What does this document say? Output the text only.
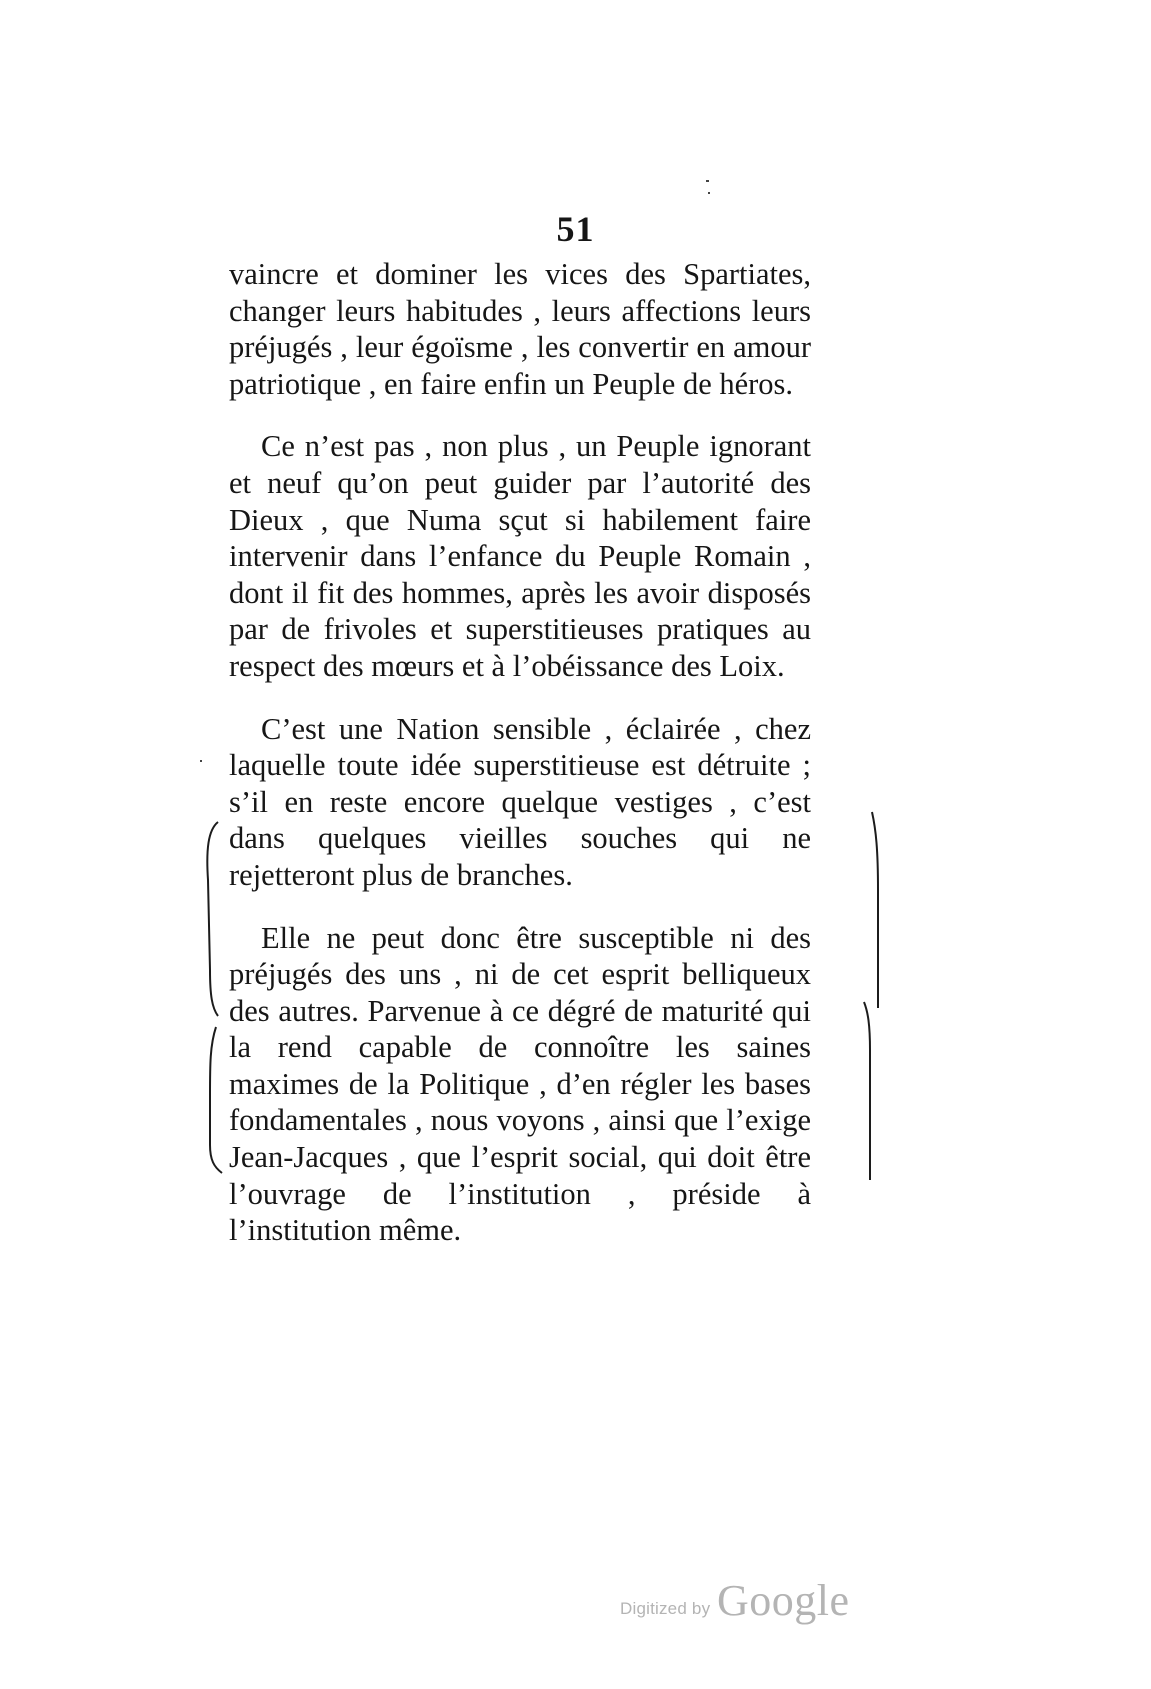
51

vaincre et dominer les vices des Spartiates, changer leurs habitudes , leurs affections leurs préjugés , leur égoïsme , les convertir en amour patriotique , en faire enfin un Peuple de héros.

Ce n’est pas , non plus , un Peuple ignorant et neuf qu’on peut guider par l’autorité des Dieux , que Numa sçut si habilement faire intervenir dans l’enfance du Peuple Romain , dont il fit des hommes, après les avoir disposés par de frivoles et superstitieuses pratiques au respect des mœurs et à l’obéissance des Loix.

C’est une Nation sensible , éclairée , chez laquelle toute idée superstitieuse est détruite ; s’il en reste encore quelque vestiges , c’est dans quelques vieilles souches qui ne rejetteront plus de branches.

Elle ne peut donc être susceptible ni des préjugés des uns , ni de cet esprit belliqueux des autres. Parvenue à ce dégré de maturité qui la rend capable de connoître les saines maximes de la Politique , d’en régler les bases fondamentales , nous voyons , ainsi que l’exige Jean-Jacques , que l’esprit social, qui doit être l’ouvrage de l’institution , préside à l’institution même.

Digitized by Google
